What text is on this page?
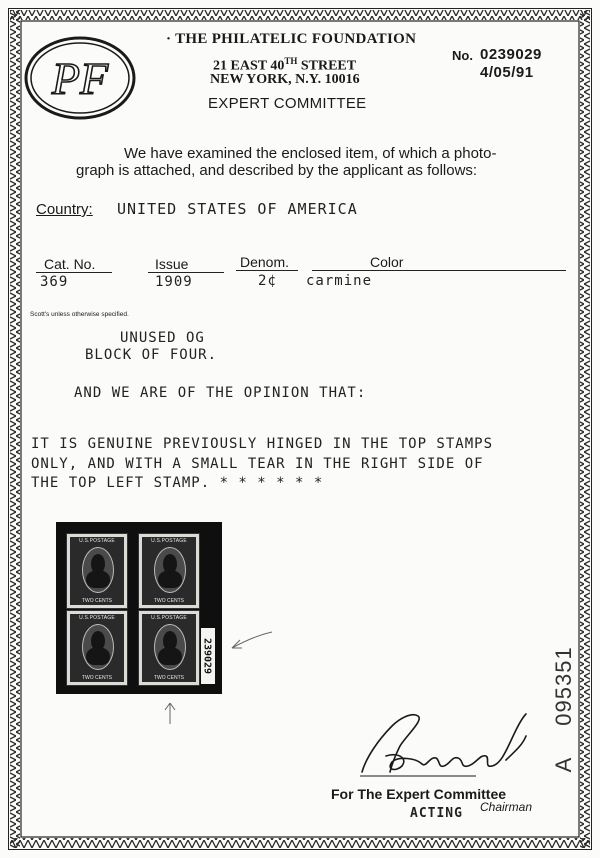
PF
· THE PHILATELIC FOUNDATION
21 EAST 40TH STREET
NEW YORK, N.Y. 10016
EXPERT COMMITTEE
No. 0239029
4/05/91
We have examined the enclosed item, of which a photo-
graph is attached, and described by the applicant as follows:
Country: UNITED STATES OF AMERICA
Cat. No.	Issue	Denom.	Color
369	1909	2¢ carmine
Scott's unless otherwise specified.
UNUSED OG
BLOCK OF FOUR.
AND WE ARE OF THE OPINION THAT:
IT IS GENUINE PREVIOUSLY HINGED IN THE TOP STAMPS
ONLY, AND WITH A SMALL TEAR IN THE RIGHT SIDE OF
THE TOP LEFT STAMP. * * * * * *
U.S.POSTAGE
TWO CENTS
U.S.POSTAGE
TWO CENTS
U.S.POSTAGE
TWO CENTS
U.S.POSTAGE
TWO CENTS
239029
A
095351
For The Expert Committee
ACTING Chairman
